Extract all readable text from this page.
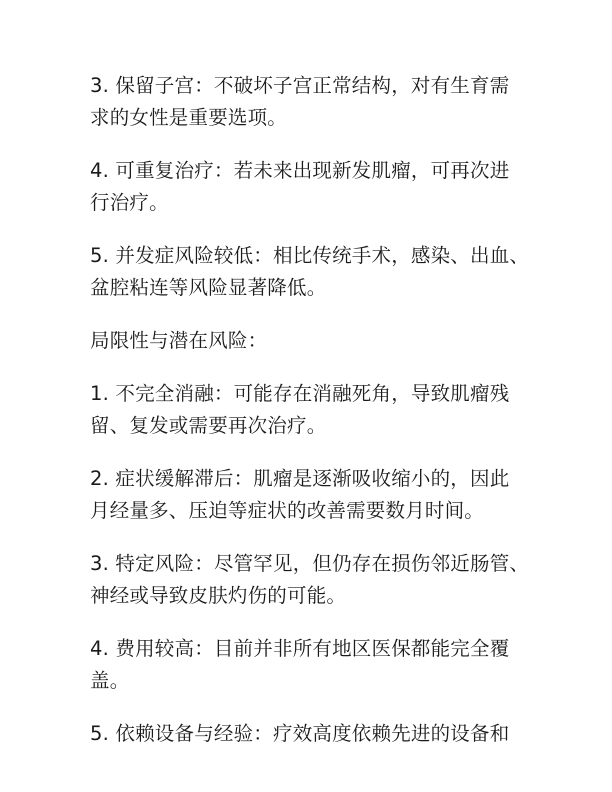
3. 保留子宫：不破坏子宫正常结构，对有生育需
求的女性是重要选项。

4. 可重复治疗：若未来出现新发肌瘤，可再次进
行治疗。

5. 并发症风险较低：相比传统手术，感染、出血、
盆腔粘连等风险显著降低。

局限性与潜在风险：

1. 不完全消融：可能存在消融死角，导致肌瘤残
留、复发或需要再次治疗。

2. 症状缓解滞后：肌瘤是逐渐吸收缩小的，因此
月经量多、压迫等症状的改善需要数月时间。

3. 特定风险：尽管罕见，但仍存在损伤邻近肠管、
神经或导致皮肤灼伤的可能。

4. 费用较高：目前并非所有地区医保都能完全覆
盖。

5. 依赖设备与经验：疗效高度依赖先进的设备和
